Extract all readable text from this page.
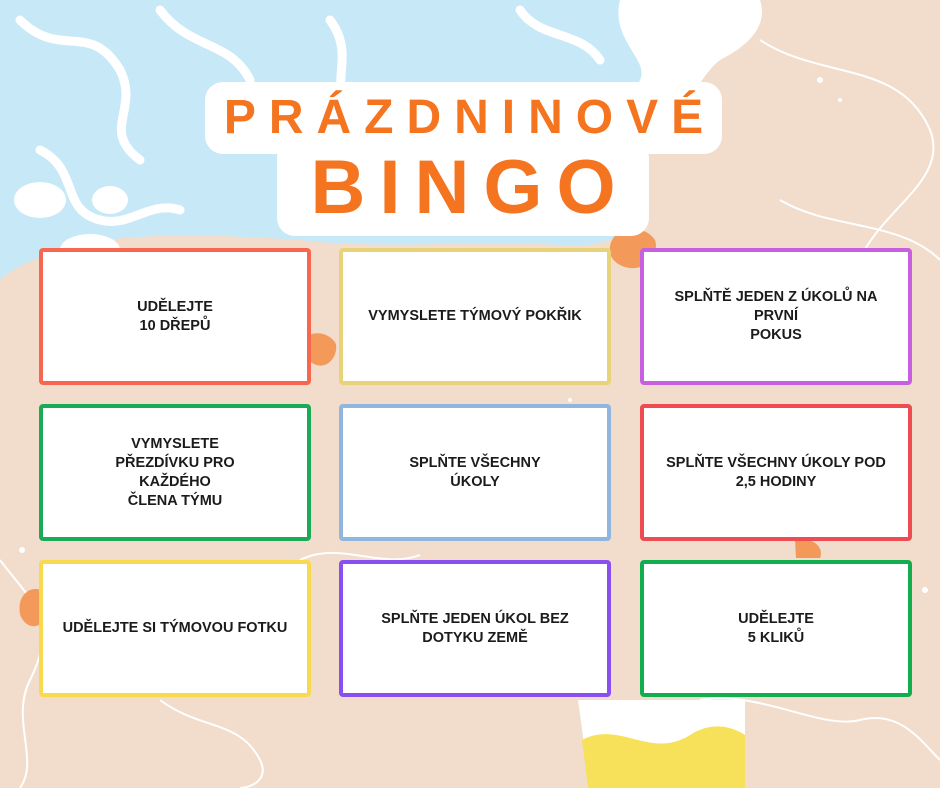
PRÁZDNINOVÉ
BINGO
UDĚLEJTE
10 DŘEPŮ
VYMYSLETE TÝMOVÝ POKŘIK
SPLŇTĚ JEDEN Z ÚKOLŮ NA PRVNÍ
POKUS
VYMYSLETE
PŘEZDÍVKU PRO
KAŽDÉHO
ČLENA TÝMU
SPLŇTE VŠECHNY
ÚKOLY
SPLŇTE VŠECHNY ÚKOLY POD
2,5 HODINY
UDĚLEJTE SI TÝMOVOU FOTKU
SPLŇTE JEDEN ÚKOL BEZ
DOTYKU ZEMĚ
UDĚLEJTE
5 KLIKŮ
